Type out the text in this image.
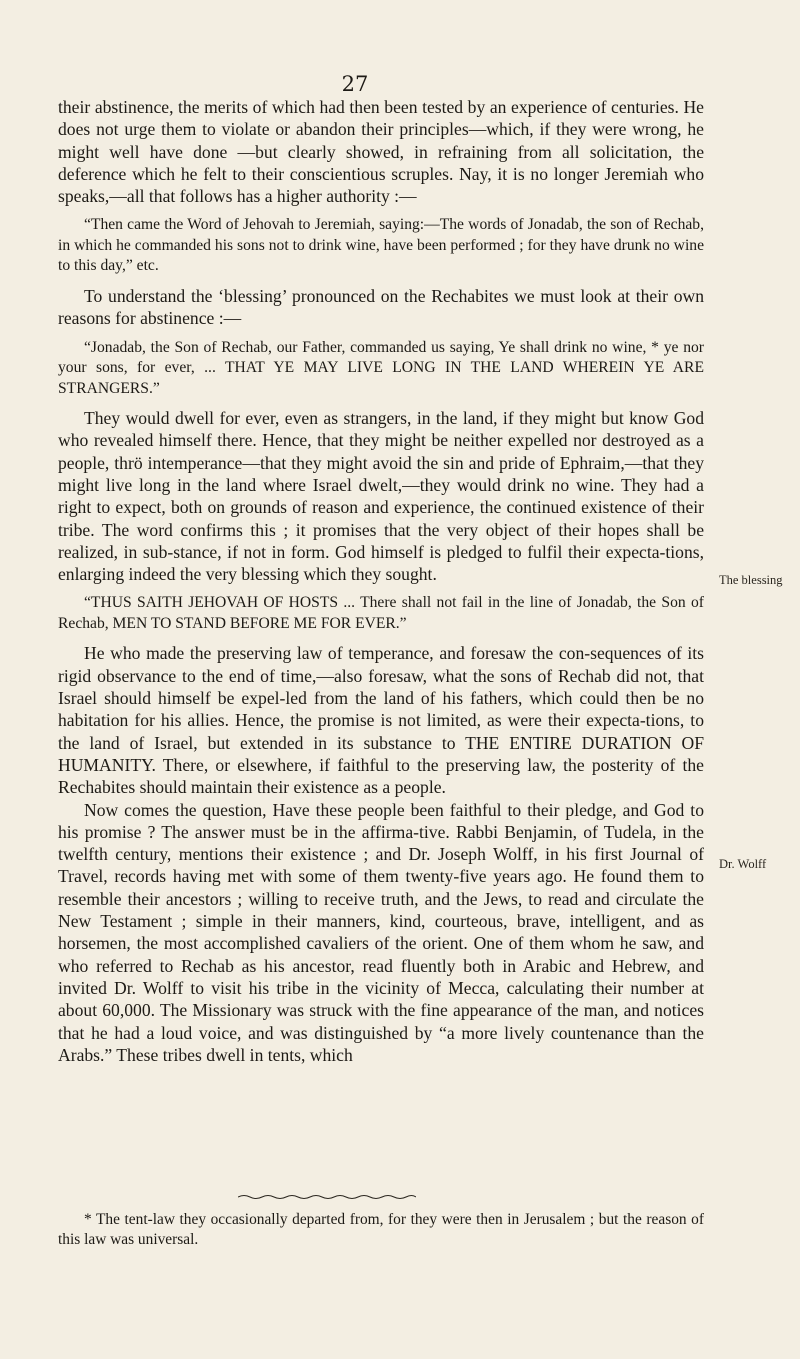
27

their abstinence, the merits of which had then been tested by an experience of centuries. He does not urge them to violate or abandon their principles—which, if they were wrong, he might well have done —but clearly showed, in refraining from all solicitation, the deference which he felt to their conscientious scruples. Nay, it is no longer Jeremiah who speaks,—all that follows has a higher authority :—

“Then came the Word of Jehovah to Jeremiah, saying:—The words of Jonadab, the son of Rechab, in which he commanded his sons not to drink wine, have been performed ; for they have drunk no wine to this day,” etc.

To understand the ‘blessing’ pronounced on the Rechabites we must look at their own reasons for abstinence :—

“Jonadab, the Son of Rechab, our Father, commanded us saying, Ye shall drink no wine, * ye nor your sons, for ever, ... THAT YE MAY LIVE LONG IN THE LAND WHEREIN YE ARE STRANGERS.”

They would dwell for ever, even as strangers, in the land, if they might but know God who revealed himself there. Hence, that they might be neither expelled nor destroyed as a people, thrö intemperance—that they might avoid the sin and pride of Ephraim,—that they might live long in the land where Israel dwelt,—they would drink no wine. They had a right to expect, both on grounds of reason and experience, the continued existence of their tribe. The word confirms this ; it promises that the very object of their hopes shall be realized, in sub-stance, if not in form. God himself is pledged to fulfil their expecta-tions, enlarging indeed the very blessing which they sought.

“THUS SAITH JEHOVAH OF HOSTS ... There shall not fail in the line of Jonadab, the Son of Rechab, MEN TO STAND BEFORE ME FOR EVER.”

He who made the preserving law of temperance, and foresaw the con-sequences of its rigid observance to the end of time,—also foresaw, what the sons of Rechab did not, that Israel should himself be expel-led from the land of his fathers, which could then be no habitation for his allies. Hence, the promise is not limited, as were their expecta-tions, to the land of Israel, but extended in its substance to THE ENTIRE DURATION OF HUMANITY. There, or elsewhere, if faithful to the preserving law, the posterity of the Rechabites should maintain their existence as a people.

Now comes the question, Have these people been faithful to their pledge, and God to his promise ? The answer must be in the affirma-tive. Rabbi Benjamin, of Tudela, in the twelfth century, mentions their existence ; and Dr. Joseph Wolff, in his first Journal of Travel, records having met with some of them twenty-five years ago. He found them to resemble their ancestors ; willing to receive truth, and the Jews, to read and circulate the New Testament ; simple in their manners, kind, courteous, brave, intelligent, and as horsemen, the most accomplished cavaliers of the orient. One of them whom he saw, and who referred to Rechab as his ancestor, read fluently both in Arabic and Hebrew, and invited Dr. Wolff to visit his tribe in the vicinity of Mecca, calculating their number at about 60,000. The Missionary was struck with the fine appearance of the man, and notices that he had a loud voice, and was distinguished by “a more lively countenance than the Arabs.” These tribes dwell in tents, which

The blessing
Dr. Wolff
* The tent-law they occasionally departed from, for they were then in Jerusalem ; but the reason of this law was universal.
